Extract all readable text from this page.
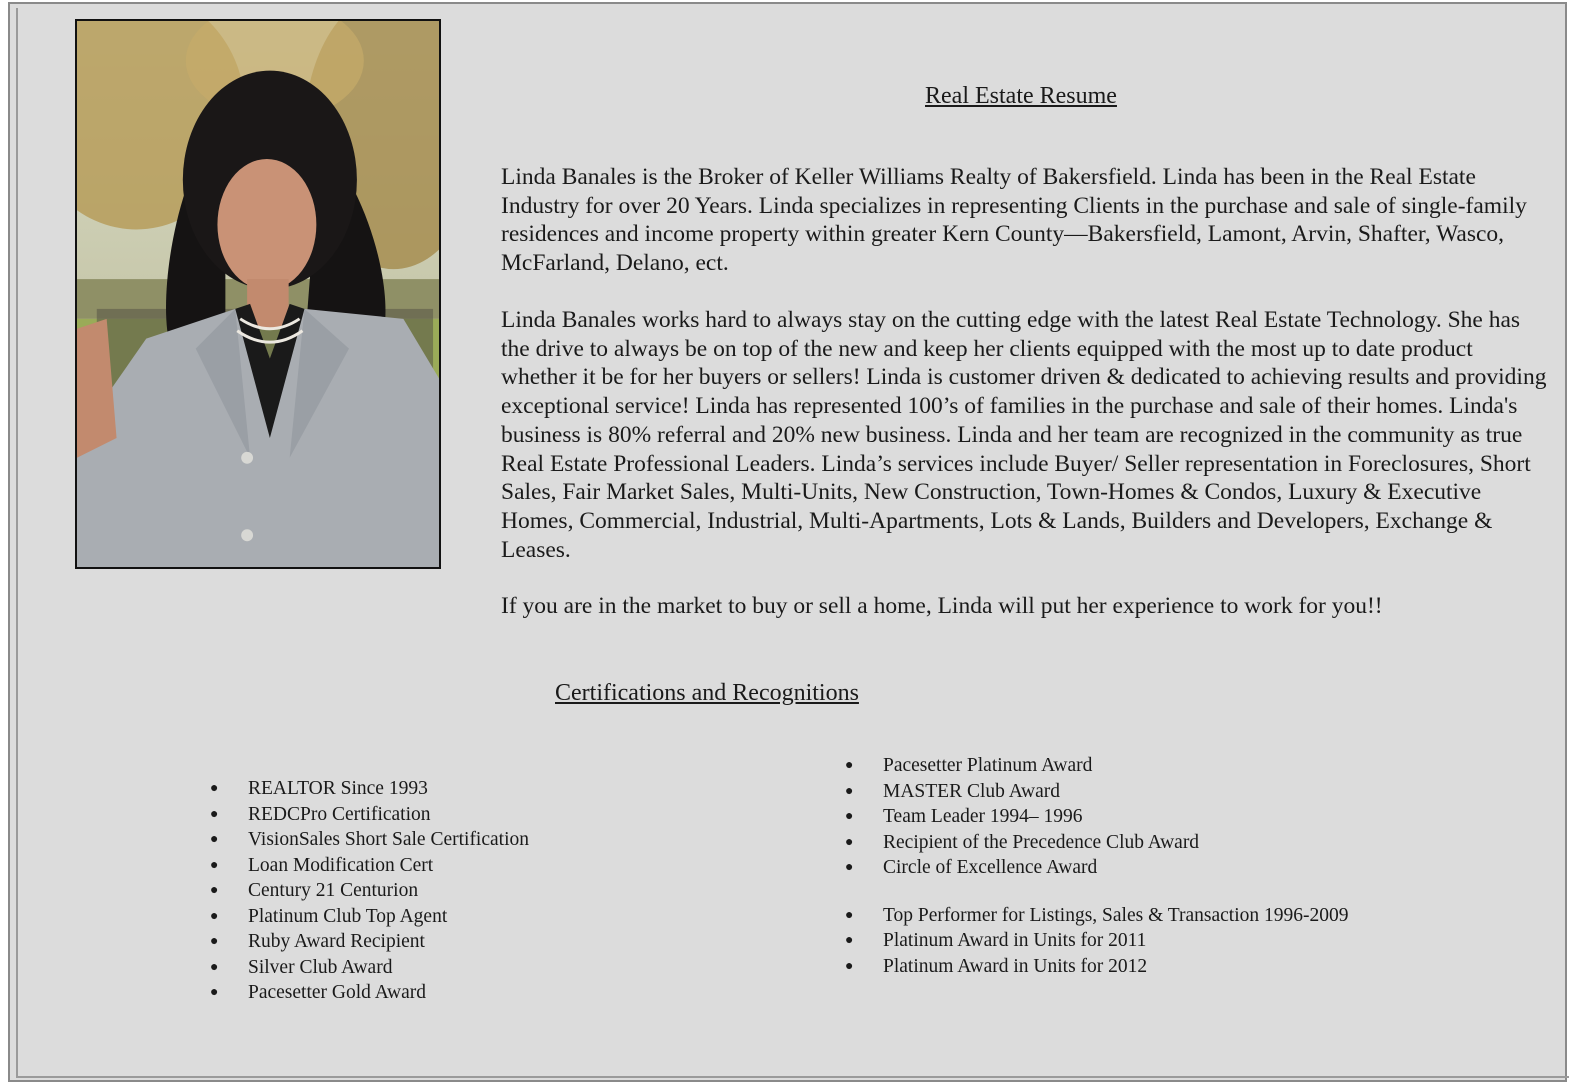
Real Estate Resume

Linda Banales is the Broker of Keller Williams Realty of Bakersfield. Linda has been in the Real Estate Industry for over 20 Years. Linda specializes in representing Clients in the purchase and sale of single-family residences and income property within greater Kern County—Bakersfield, Lamont, Arvin, Shafter, Wasco, McFarland, Delano, ect.

Linda Banales works hard to always stay on the cutting edge with the latest Real Estate Technology. She has the drive to always be on top of the new and keep her clients equipped with the most up to date product whether it be for her buyers or sellers! Linda is customer driven & dedicated to achieving results and providing exceptional service! Linda has represented 100’s of families in the purchase and sale of their homes. Linda's business is 80% referral and 20% new business. Linda and her team are recognized in the community as true Real Estate Professional Leaders. Linda’s services include Buyer/ Seller representation in Foreclosures, Short Sales, Fair Market Sales, Multi-Units, New Construction, Town-Homes & Condos, Luxury & Executive Homes, Commercial, Industrial, Multi-Apartments, Lots & Lands, Builders and Developers, Exchange & Leases.

If you are in the market to buy or sell a home, Linda will put her experience to work for you!!

Certifications and Recognitions
● REALTOR Since 1993
● REDCPro Certification
● VisionSales Short Sale Certification
● Loan Modification Cert
● Century 21 Centurion
● Platinum Club Top Agent
● Ruby Award Recipient
● Silver Club Award
● Pacesetter Gold Award
● Pacesetter Platinum Award
● MASTER Club Award
● Team Leader 1994– 1996
● Recipient of the Precedence Club Award
● Circle of Excellence Award
● Top Performer for Listings, Sales & Transaction 1996-2009
● Platinum Award in Units for 2011
● Platinum Award in Units for 2012
